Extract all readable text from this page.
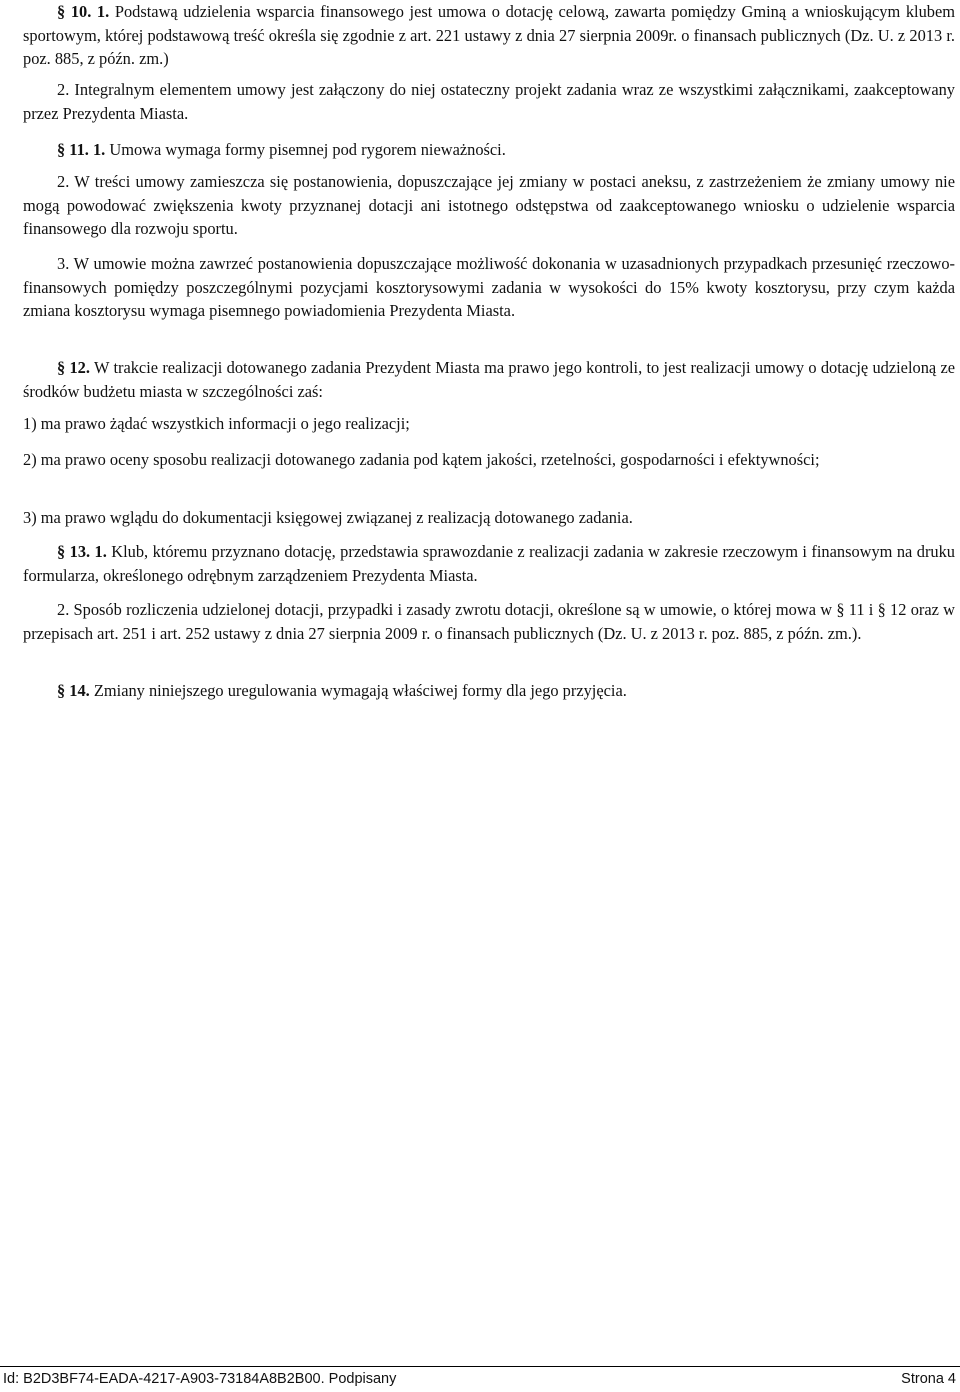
§ 10. 1. Podstawą udzielenia wsparcia finansowego jest umowa o dotację celową, zawarta pomiędzy Gminą a wnioskującym klubem sportowym, której podstawową treść określa się zgodnie z art. 221 ustawy z dnia 27 sierpnia 2009r. o finansach publicznych (Dz. U. z 2013 r. poz. 885, z późn. zm.)

2. Integralnym elementem umowy jest załączony do niej ostateczny projekt zadania wraz ze wszystkimi załącznikami, zaakceptowany przez Prezydenta Miasta.

§ 11. 1. Umowa wymaga formy pisemnej pod rygorem nieważności.

2. W treści umowy zamieszcza się postanowienia, dopuszczające jej zmiany w postaci aneksu, z zastrzeżeniem że zmiany umowy nie mogą powodować zwiększenia kwoty przyznanej dotacji ani istotnego odstępstwa od zaakceptowanego wniosku o udzielenie wsparcia finansowego dla rozwoju sportu.

3. W umowie można zawrzeć postanowienia dopuszczające możliwość dokonania w uzasadnionych przypadkach przesunięć rzeczowo-finansowych pomiędzy poszczególnymi pozycjami kosztorysowymi zadania w wysokości do 15% kwoty kosztorysu, przy czym każda zmiana kosztorysu wymaga pisemnego powiadomienia Prezydenta Miasta.

§ 12. W trakcie realizacji dotowanego zadania Prezydent Miasta ma prawo jego kontroli, to jest realizacji umowy o dotację udzieloną ze środków budżetu miasta w szczególności zaś:

1) ma prawo żądać wszystkich informacji o jego realizacji;

2) ma prawo oceny sposobu realizacji dotowanego zadania pod kątem jakości, rzetelności, gospodarności i efektywności;

3) ma prawo wglądu do dokumentacji księgowej związanej z realizacją dotowanego zadania.

§ 13. 1. Klub, któremu przyznano dotację, przedstawia sprawozdanie z realizacji zadania w zakresie rzeczowym i finansowym na druku formularza, określonego odrębnym zarządzeniem Prezydenta Miasta.

2. Sposób rozliczenia udzielonej dotacji, przypadki i zasady zwrotu dotacji, określone są w umowie, o której mowa w § 11 i § 12 oraz w przepisach art. 251 i art. 252 ustawy z dnia 27 sierpnia 2009 r. o finansach publicznych (Dz. U. z 2013 r. poz. 885, z późn. zm.).

§ 14. Zmiany niniejszego uregulowania wymagają właściwej formy dla jego przyjęcia.

Id: B2D3BF74-EADA-4217-A903-73184A8B2B00. Podpisany	Strona 4
